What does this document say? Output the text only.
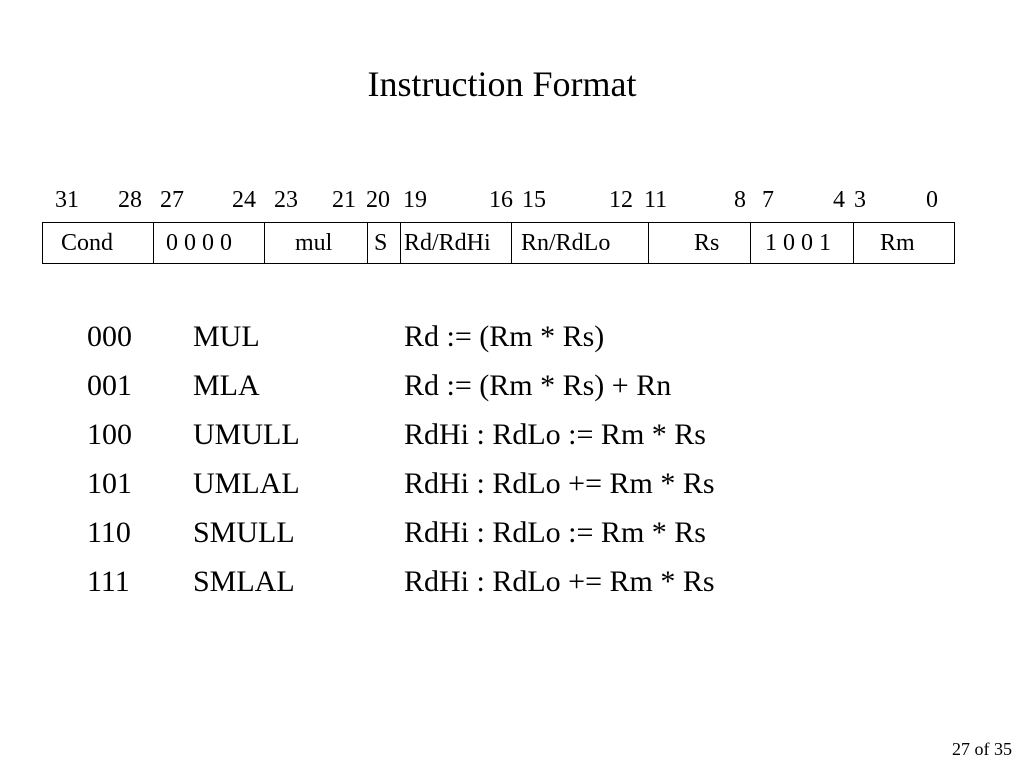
Instruction Format
31 28 27 24 23 21 20 19	16 15	12 11	8 7 4 3	0
Cond	0 0 0 0	mul	S Rd/RdHi	Rn/RdLo	Rs	1 0 0 1	Rm
000 MUL	Rd := (Rm * Rs)
001 MLA	Rd := (Rm * Rs) + Rn
100 UMULL	RdHi : RdLo := Rm * Rs
101 UMLAL	RdHi : RdLo += Rm * Rs
110 SMULL	RdHi : RdLo := Rm * Rs
111 SMLAL	RdHi : RdLo += Rm * Rs
27 of 35
